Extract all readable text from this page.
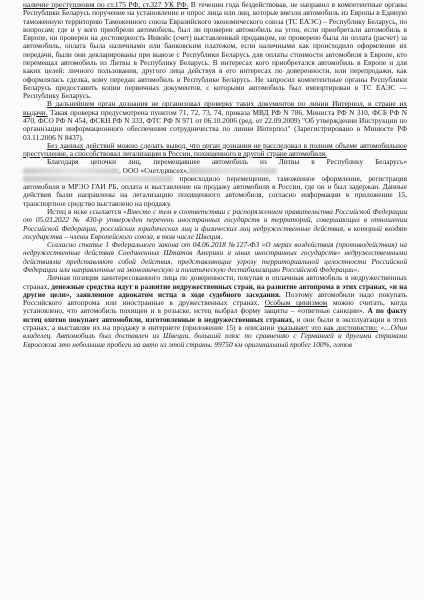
наличие преступления по ст.175 РФ, ст.327 УК РФ. В течении года бездействовав, не направил в компетентные органы Республики Беларусь поручение на установление и опрос лица или лиц, которые ввезли автомобиль из Европы в Единую таможенную территорию Таможенного союза Евразийского экономического союза (ТС ЕАЭС) – Республику Беларусь, по вопросам; где и у кого приобрели автомобиль, был ли проверен автомобиль на угон, если приобретали автомобиль в Европе, ни проверен на достоверность Инвойс (счет) выставленный продавцом, не проверено была ли оплата (расчет) за автомобиль, оплата была наличными или банковским платежом, если наличными как происходило оформление их передачи, были они декларированы при вывозе с Республики Беларусь для оплаты стоимости автомобиля в Европе, кто перемещал автомобиль из Литвы в Республику Беларусь. В интересах кого приобретался автомобиль в Европе и для каких целей: личного пользования, другого лица действуя в его интересах по доверенности, или перепродажи, как оформлялась сделка, кому передан автомобиль в Республике Беларусь. Не запросил компетентные органы Республики Беларусь предоставить копии первичных документов, с которыми автомобиль был импортирован в ТС ЕАЭС — Республику Беларусь.

В дальнейшем орган дознания не организовал проверку таких документов по линии Интерпол, в стране их выдачи. Такая проверка предусмотрена пунктом 71, 72, 73, 74, приказа МВД РФ N 786, Министа РФ N 310, ФСБ РФ N 470, ФСО РФ N 454, ФСКН РФ N 333, ФТС РФ N 971 от 06.10.2006 (ред. от 22.09.2009) "Об утверждении Инструкции по организации информационного обеспечения сотрудничества по линии Интерпол" (Зарегистрировано в Минюсте РФ 03.11.2006 N 8437).

Без данных действий можно сделать вывод, что орган дознания не расследовал в полном объеме автомобильное преступление, а способствовал легализации в России, похищенного в другой стране автомобиля.

Благодаря цепочки лиц, перемещавшее автомобиль из Литвы в Республику Беларусь», ООО «Счетлдявсех»,
происходило перемещение, таможенное оформление, регистрация автомобиля в МРЭО ГАИ РБ, оплата и выставление на продажу автомобиля в России, где он и был задержан. Данные действия были направлены на легализацию похищенного автомобиля, согласно информации в приложение 15, транспортное средство выставлено на продажу.

Истец в иске ссылается «Вместе с тем в соответствии с распоряжением правительства Российской Федерации от 05.03.2022 № 430-р утвержден перечень иностранных государств и территорий, совершающих в отношении Российской Федерации, российских юридических лиц и физических лиц недружественные действия, в который входят государства – члены Европейского союза, в том числе Швеция.

Согласно статье 1 Федерального закона от 04.06.2018 №127-ФЗ «О мерах воздействия (противодействия) на недружественные действия Соединенных Штатов Америки и иных иностранных государств» недружественными действиями представляют собой действия, представляющие угрозу территориальной целостности Российской Федерации или направленные на экономическую и политическую дестабилизацию Российской Федерации».

Личная позиция заинтересованного лица по доверенности, покупая и оплачивая автомобиль в недружественных странах, денежные средства идут в развитие недружественных стран, на развитие автопрома в этих странах, «и на другие цели», заявленное адвокатом истца в ходе судебного заседания. Поэтому автомобили надо покупать Российского автопрома или иностранные в дружественных странах. Особым цинизмом можно считать, когда установлено, что автомобиль похищен и в розыске, истец выбрал форму защиты – «ответные санкции». А по факту истец охотно покупает автомобили, изготовленные в недружественных странах, и они были в эксплуатации в этих странах, а выставляя их на продажу в интернете (приложение 15) в описании указывает это как достоинство: «…Один владелец. Автомобиль был доставлен из Швеции, больший плюс по сравнению с Германией и другими странами Евросоюза это небольшие пробеги на авто из этой страны. 99750 км оригинальный пробег 100%, готов
